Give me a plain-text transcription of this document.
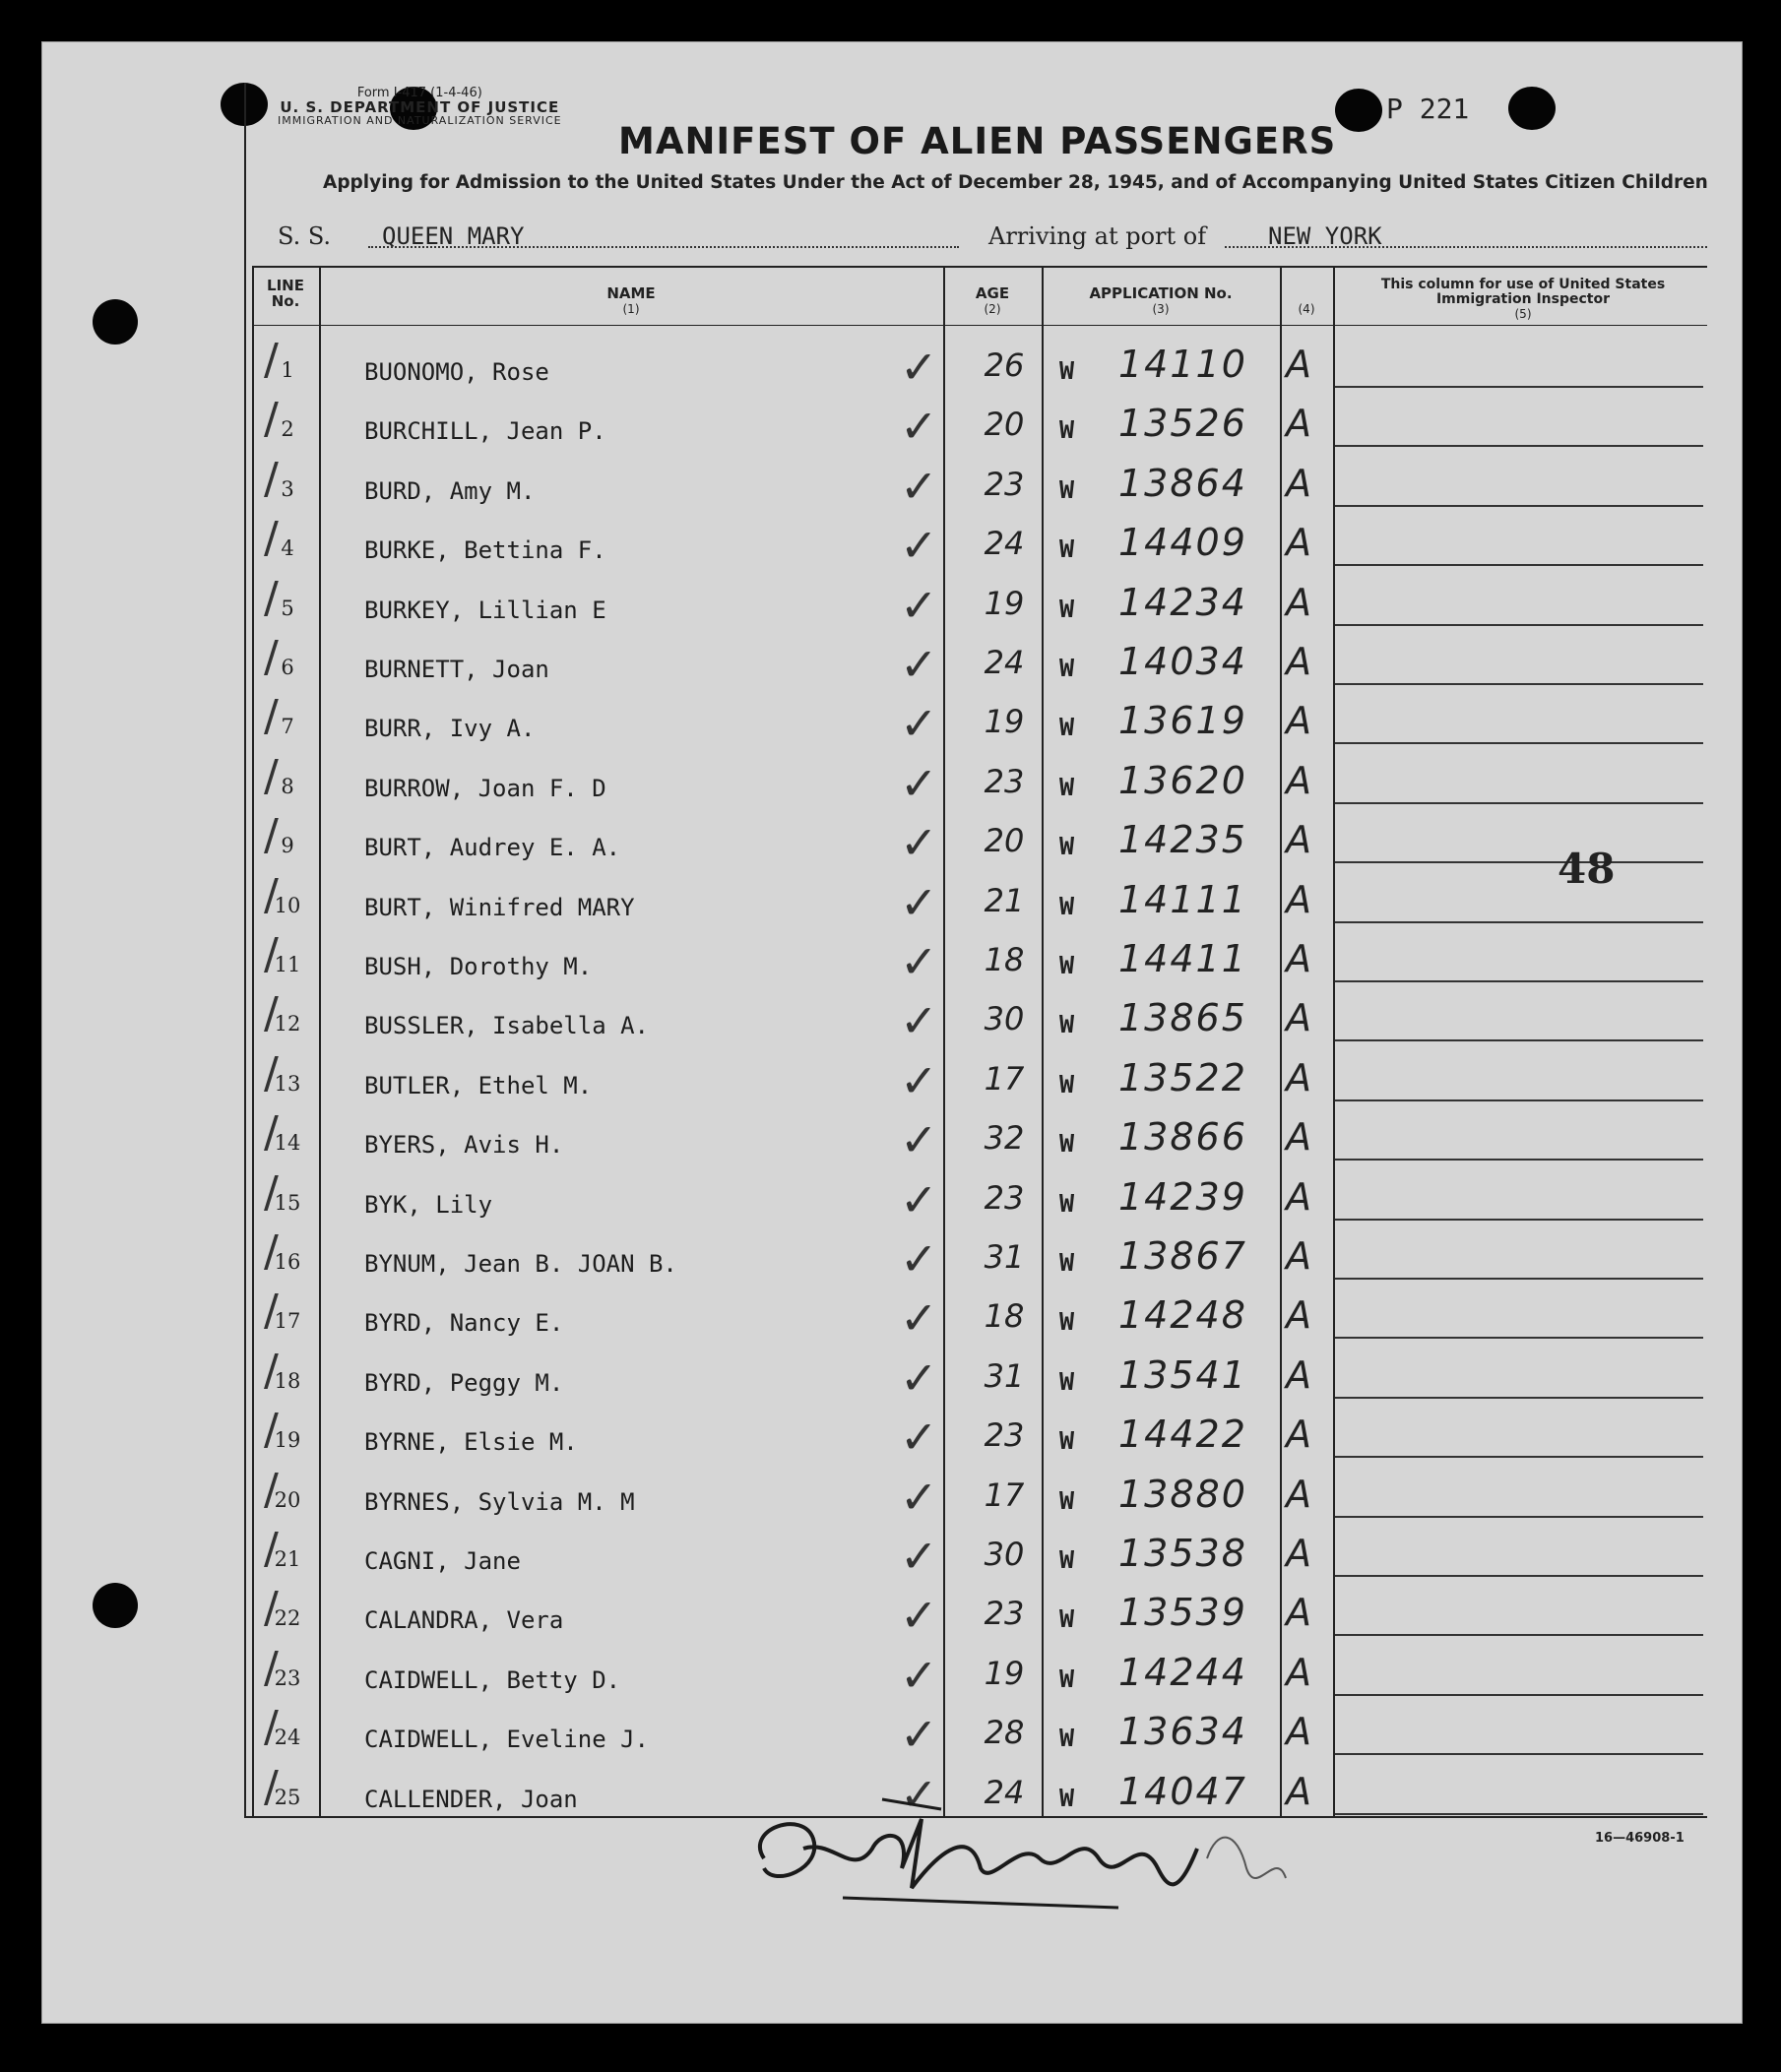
Form I-417 (1-4-46)
U. S. DEPARTMENT OF JUSTICE
IMMIGRATION AND NATURALIZATION SERVICE	P 221
MANIFEST OF ALIEN PASSENGERS
Applying for Admission to the United States Under the Act of December 28, 1945, and of Accompanying United States Citizen Children
S. S. QUEEN MARY	Arriving at port of	NEW YORK
LINE No.	NAME
(1)
AGE
(2)
APPLICATION No.
(3)	(4)
This column for use of United States Immigration Inspector
(5)
/ 1	BUONOMO, Rose	✓	26	W 14110 A
/ 2	BURCHILL, Jean P.	✓	20	W 13526 A
/ 3	BURD, Amy M.	✓	23	W 13864 A
/ 4	BURKE, Bettina F.	✓	24	W 14409 A
/ 5	BURKEY, Lillian E	✓	19	W 14234 A
/ 6	BURNETT, Joan	✓	24	W 14034 A
/ 7	BURR, Ivy A.	✓	19	W 13619 A
/ 8	BURROW, Joan F. D	✓	23	W 13620 A
/ 9	BURT, Audrey E. A.	✓	20	W 14235 A
/
10	BURT, Winifred MARY	✓	21	W 14111 A
/
11	BUSH, Dorothy M.	✓	18	W 14411 A
/
12	BUSSLER, Isabella A.	✓	30	W 13865 A
/
13	BUTLER, Ethel M.	✓	17	W 13522 A
/
14	BYERS, Avis H.	✓	32	W 13866 A
/
15	BYK, Lily	✓	23	W 14239 A
/
16	BYNUM, Jean B. JOAN B.	✓	31	W 13867 A
/
17	BYRD, Nancy E.	✓	18	W 14248 A
/
18	BYRD, Peggy M.	✓	31	W 13541 A
/
19	BYRNE, Elsie M.	✓	23	W 14422 A
/
20	BYRNES, Sylvia M. M	✓	17	W 13880 A
/
21	CAGNI, Jane	✓	30	W 13538 A
/
22	CALANDRA, Vera	✓	23	W 13539 A
/
23	CAIDWELL, Betty D.	✓	19	W 14244 A
/
24	CAIDWELL, Eveline J.	✓	28	W 13634 A
/
25	CALLENDER, Joan	✓	24	W 14047 A
48
16—46908-1
